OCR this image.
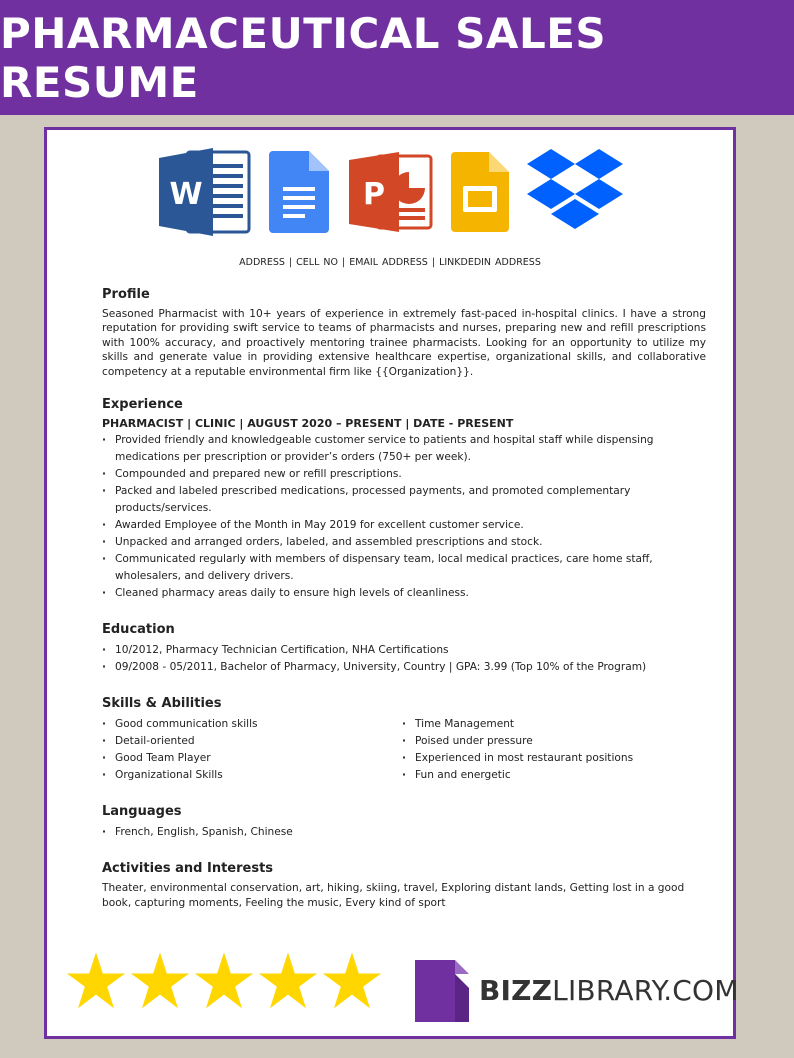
PHARMACEUTICAL SALES RESUME
W	P
ADDRESS | CELL NO | EMAIL ADDRESS | LINKDEDIN ADDRESS
Profile

Seasoned Pharmacist with 10+ years of experience in extremely fast-paced in-hospital clinics. I have a strong reputation for providing swift service to teams of pharmacists and nurses, preparing new and refill prescriptions with 100% accuracy, and proactively mentoring trainee pharmacists. Looking for an opportunity to utilize my skills and generate value in providing extensive healthcare expertise, organizational skills, and collaborative competency at a reputable environmental firm like {{Organization}}.

Experience
PHARMACIST | CLINIC | AUGUST 2020 – PRESENT | DATE - PRESENT
· Provided friendly and knowledgeable customer service to patients and hospital staff while dispensing medications per prescription or provider’s orders (750+ per week).
· Compounded and prepared new or refill prescriptions.
· Packed and labeled prescribed medications, processed payments, and promoted complementary products/services.
· Awarded Employee of the Month in May 2019 for excellent customer service.
· Unpacked and arranged orders, labeled, and assembled prescriptions and stock.
· Communicated regularly with members of dispensary team, local medical practices, care home staff, wholesalers, and delivery drivers.
· Cleaned pharmacy areas daily to ensure high levels of cleanliness.
Education
· 10/2012, Pharmacy Technician Certification, NHA Certifications
· 09/2008 - 05/2011, Bachelor of Pharmacy, University, Country | GPA: 3.99 (Top 10% of the Program)
Skills & Abilities
· Good communication skills
· Detail-oriented
· Good Team Player
· Organizational Skills
· Time Management
· Poised under pressure
· Experienced in most restaurant positions
· Fun and energetic
Languages
· French, English, Spanish, Chinese
Activities and Interests

Theater, environmental conservation, art, hiking, skiing, travel, Exploring distant lands, Getting lost in a good book, capturing moments, Feeling the music, Every kind of sport

BIZZLIBRARY.COM
